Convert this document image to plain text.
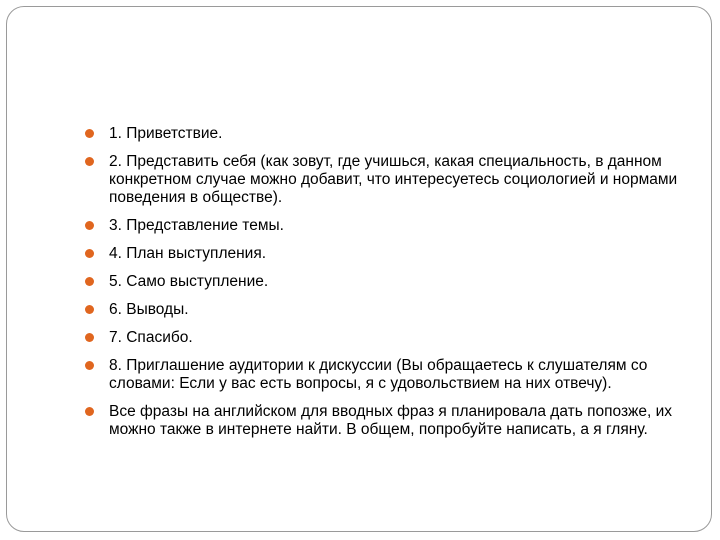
1. Приветствие.
2. Представить себя (как зовут, где учишься, какая специальность, в данном конкретном случае можно добавит, что интересуетесь социологией и нормами поведения в обществе).
3. Представление темы.
4. План выступления.
5. Само выступление.
6. Выводы.
7. Спасибо.
8. Приглашение аудитории к дискуссии (Вы обращаетесь к слушателям со словами: Если у вас есть вопросы, я с удовольствием на них отвечу).
Все фразы на английском для вводных фраз я планировала дать попозже, их можно также в интернете найти. В общем, попробуйте написать, а я гляну.
